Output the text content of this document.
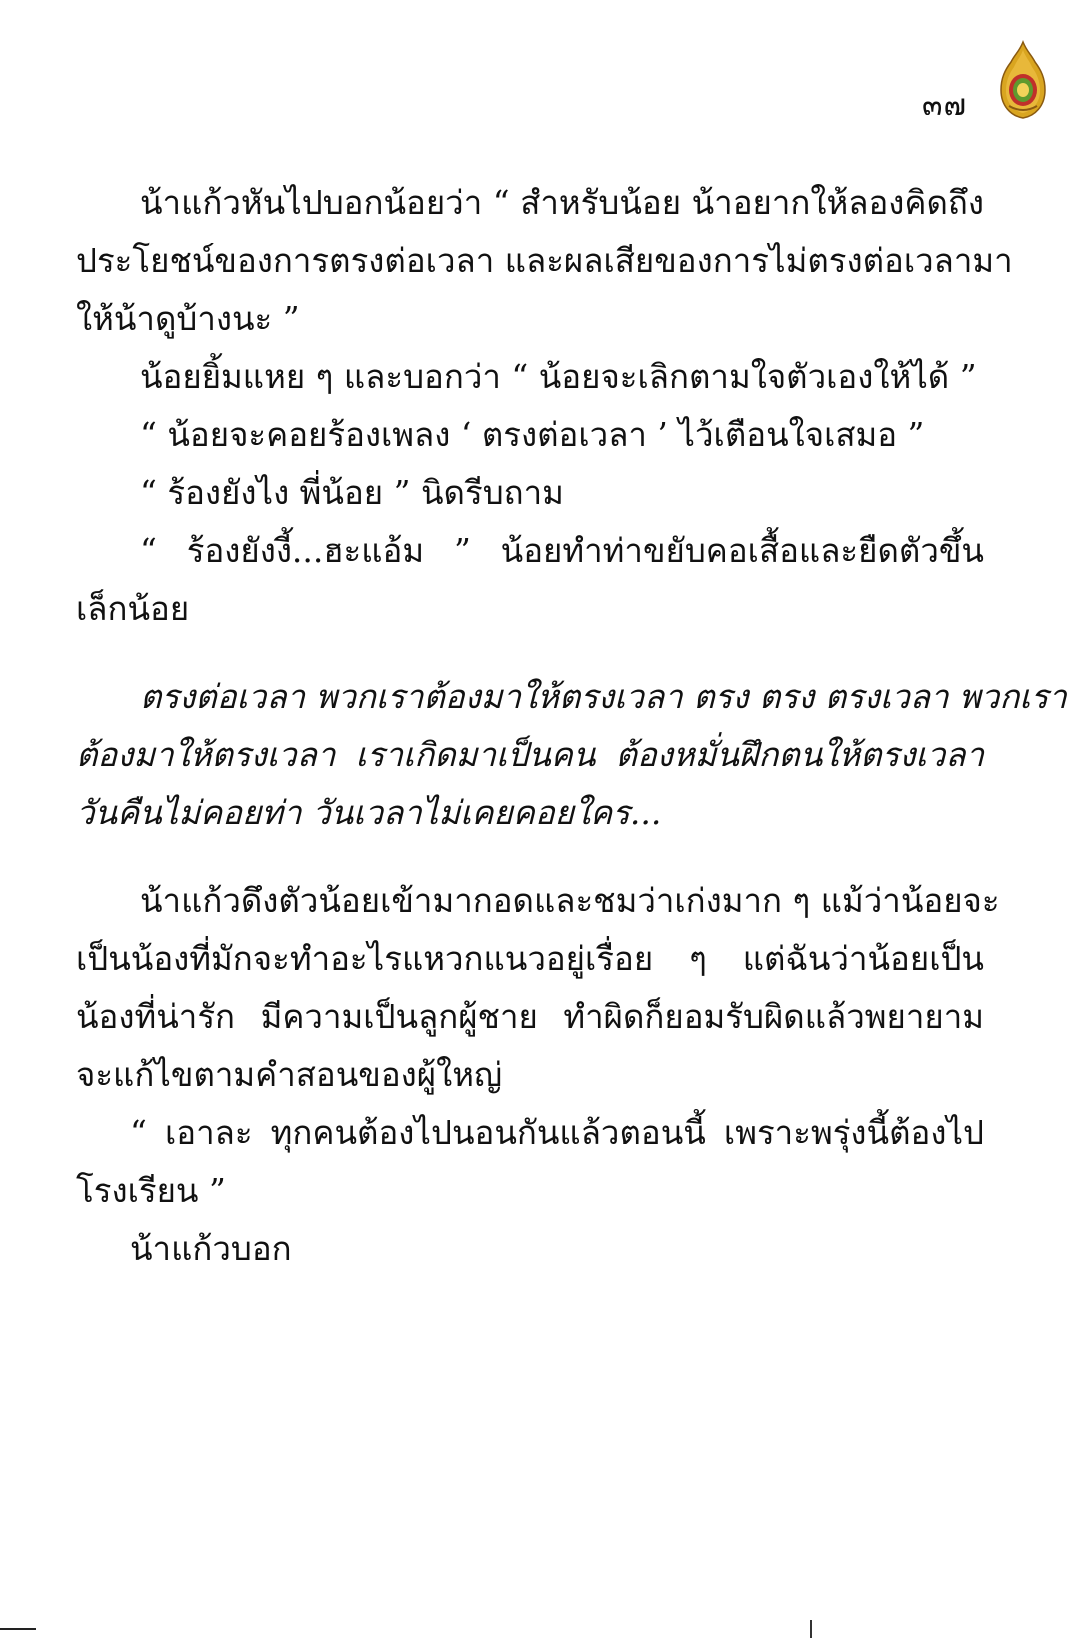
๓๗
น้าแก้วหันไปบอกน้อยว่า “ สำหรับน้อย น้าอยากให้ลองคิดถึง
ประโยชน์ของการตรงต่อเวลา และผลเสียของการไม่ตรงต่อเวลามา
ให้น้าดูบ้างนะ ”
น้อยยิ้มแหย ๆ และบอกว่า “ น้อยจะเลิกตามใจตัวเองให้ได้ ”
“ น้อยจะคอยร้องเพลง ‘ ตรงต่อเวลา ’ ไว้เตือนใจเสมอ ”
“ ร้องยังไง พี่น้อย ” นิดรีบถาม
“ ร้องยังงี้...ฮะแอ้ม ” น้อยทำท่าขยับคอเสื้อและยืดตัวขึ้น
เล็กน้อย
ตรงต่อเวลา พวกเราต้องมาให้ตรงเวลา ตรง ตรง ตรงเวลา พวกเรา
ต้องมาให้ตรงเวลา เราเกิดมาเป็นคน ต้องหมั่นฝึกตนให้ตรงเวลา
วันคืนไม่คอยท่า วันเวลาไม่เคยคอยใคร...
น้าแก้วดึงตัวน้อยเข้ามากอดและชมว่าเก่งมาก ๆ แม้ว่าน้อยจะ
เป็นน้องที่มักจะทำอะไรแหวกแนวอยู่เรื่อย ๆ แต่ฉันว่าน้อยเป็น
น้องที่น่ารัก มีความเป็นลูกผู้ชาย ทำผิดก็ยอมรับผิดแล้วพยายาม
จะแก้ไขตามคำสอนของผู้ใหญ่
“ เอาละ ทุกคนต้องไปนอนกันแล้วตอนนี้ เพราะพรุ่งนี้ต้องไป
โรงเรียน ”
น้าแก้วบอก
